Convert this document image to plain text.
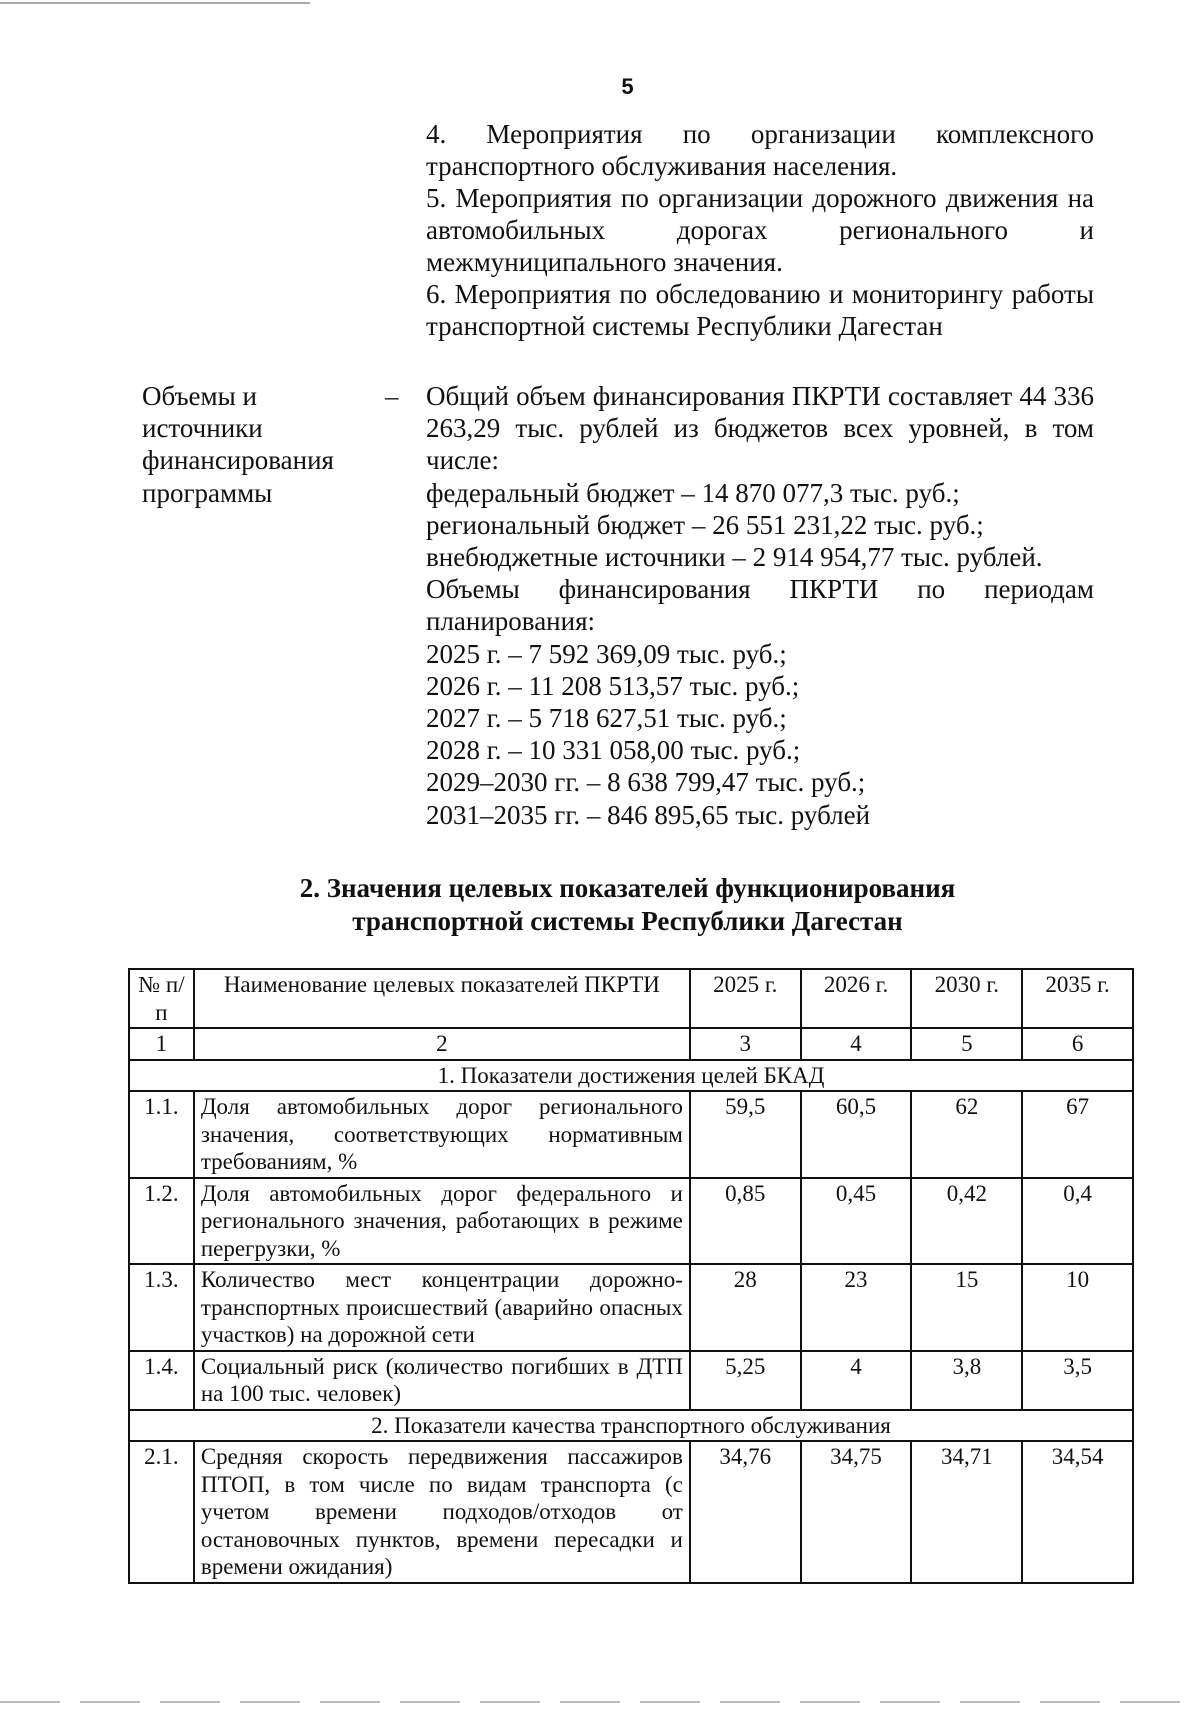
5

4. Мероприятия по организации комплексного транспортного обслуживания населения.

5. Мероприятия по организации дорожного движения на автомобильных дорогах регионального и межмуниципального значения.

6. Мероприятия по обследованию и мониторингу работы транспортной системы Республики Дагестан

Объемы и
источники
финансирования
программы
– Общий объем финансирования ПКРТИ составляет 44 336 263,29 тыс. рублей из бюджетов всех уровней, в том числе:

федеральный бюджет – 14 870 077,3 тыс. руб.;
региональный бюджет – 26 551 231,22 тыс. руб.;
внебюджетные источники – 2 914 954,77 тыс. рублей.

Объемы финансирования ПКРТИ по периодам планирования:

2025 г. – 7 592 369,09 тыс. руб.;
2026 г. – 11 208 513,57 тыс. руб.;
2027 г. – 5 718 627,51 тыс. руб.;
2028 г. – 10 331 058,00 тыс. руб.;
2029–2030 гг. – 8 638 799,47 тыс. руб.;
2031–2035 гг. – 846 895,65 тыс. рублей
2. Значения целевых показателей функционирования
транспортной системы Республики Дагестан
№ п/п	Наименование целевых показателей ПКРТИ	2025 г.	2026 г.	2030 г.	2035 г.
1	2	3	4	5	6
1. Показатели достижения целей БКАД					
1.1.	Доля автомобильных дорог регионального значения, соответствующих нормативным требованиям, %	59,5	60,5	62	67
1.2.	Доля автомобильных дорог федерального и регионального значения, работающих в режиме перегрузки, %	0,85	0,45	0,42	0,4
1.3.	Количество мест концентрации дорожно-транспортных происшествий (аварийно опасных участков) на дорожной сети	28	23	15	10
1.4.	Социальный риск (количество погибших в ДТП на 100 тыс. человек)	5,25	4	3,8	3,5
2. Показатели качества транспортного обслуживания					
2.1.	Средняя скорость передвижения пассажиров ПТОП, в том числе по видам транспорта (с учетом времени подходов/отходов от остановочных пунктов, времени пересадки и времени ожидания)	34,76	34,75	34,71	34,54
